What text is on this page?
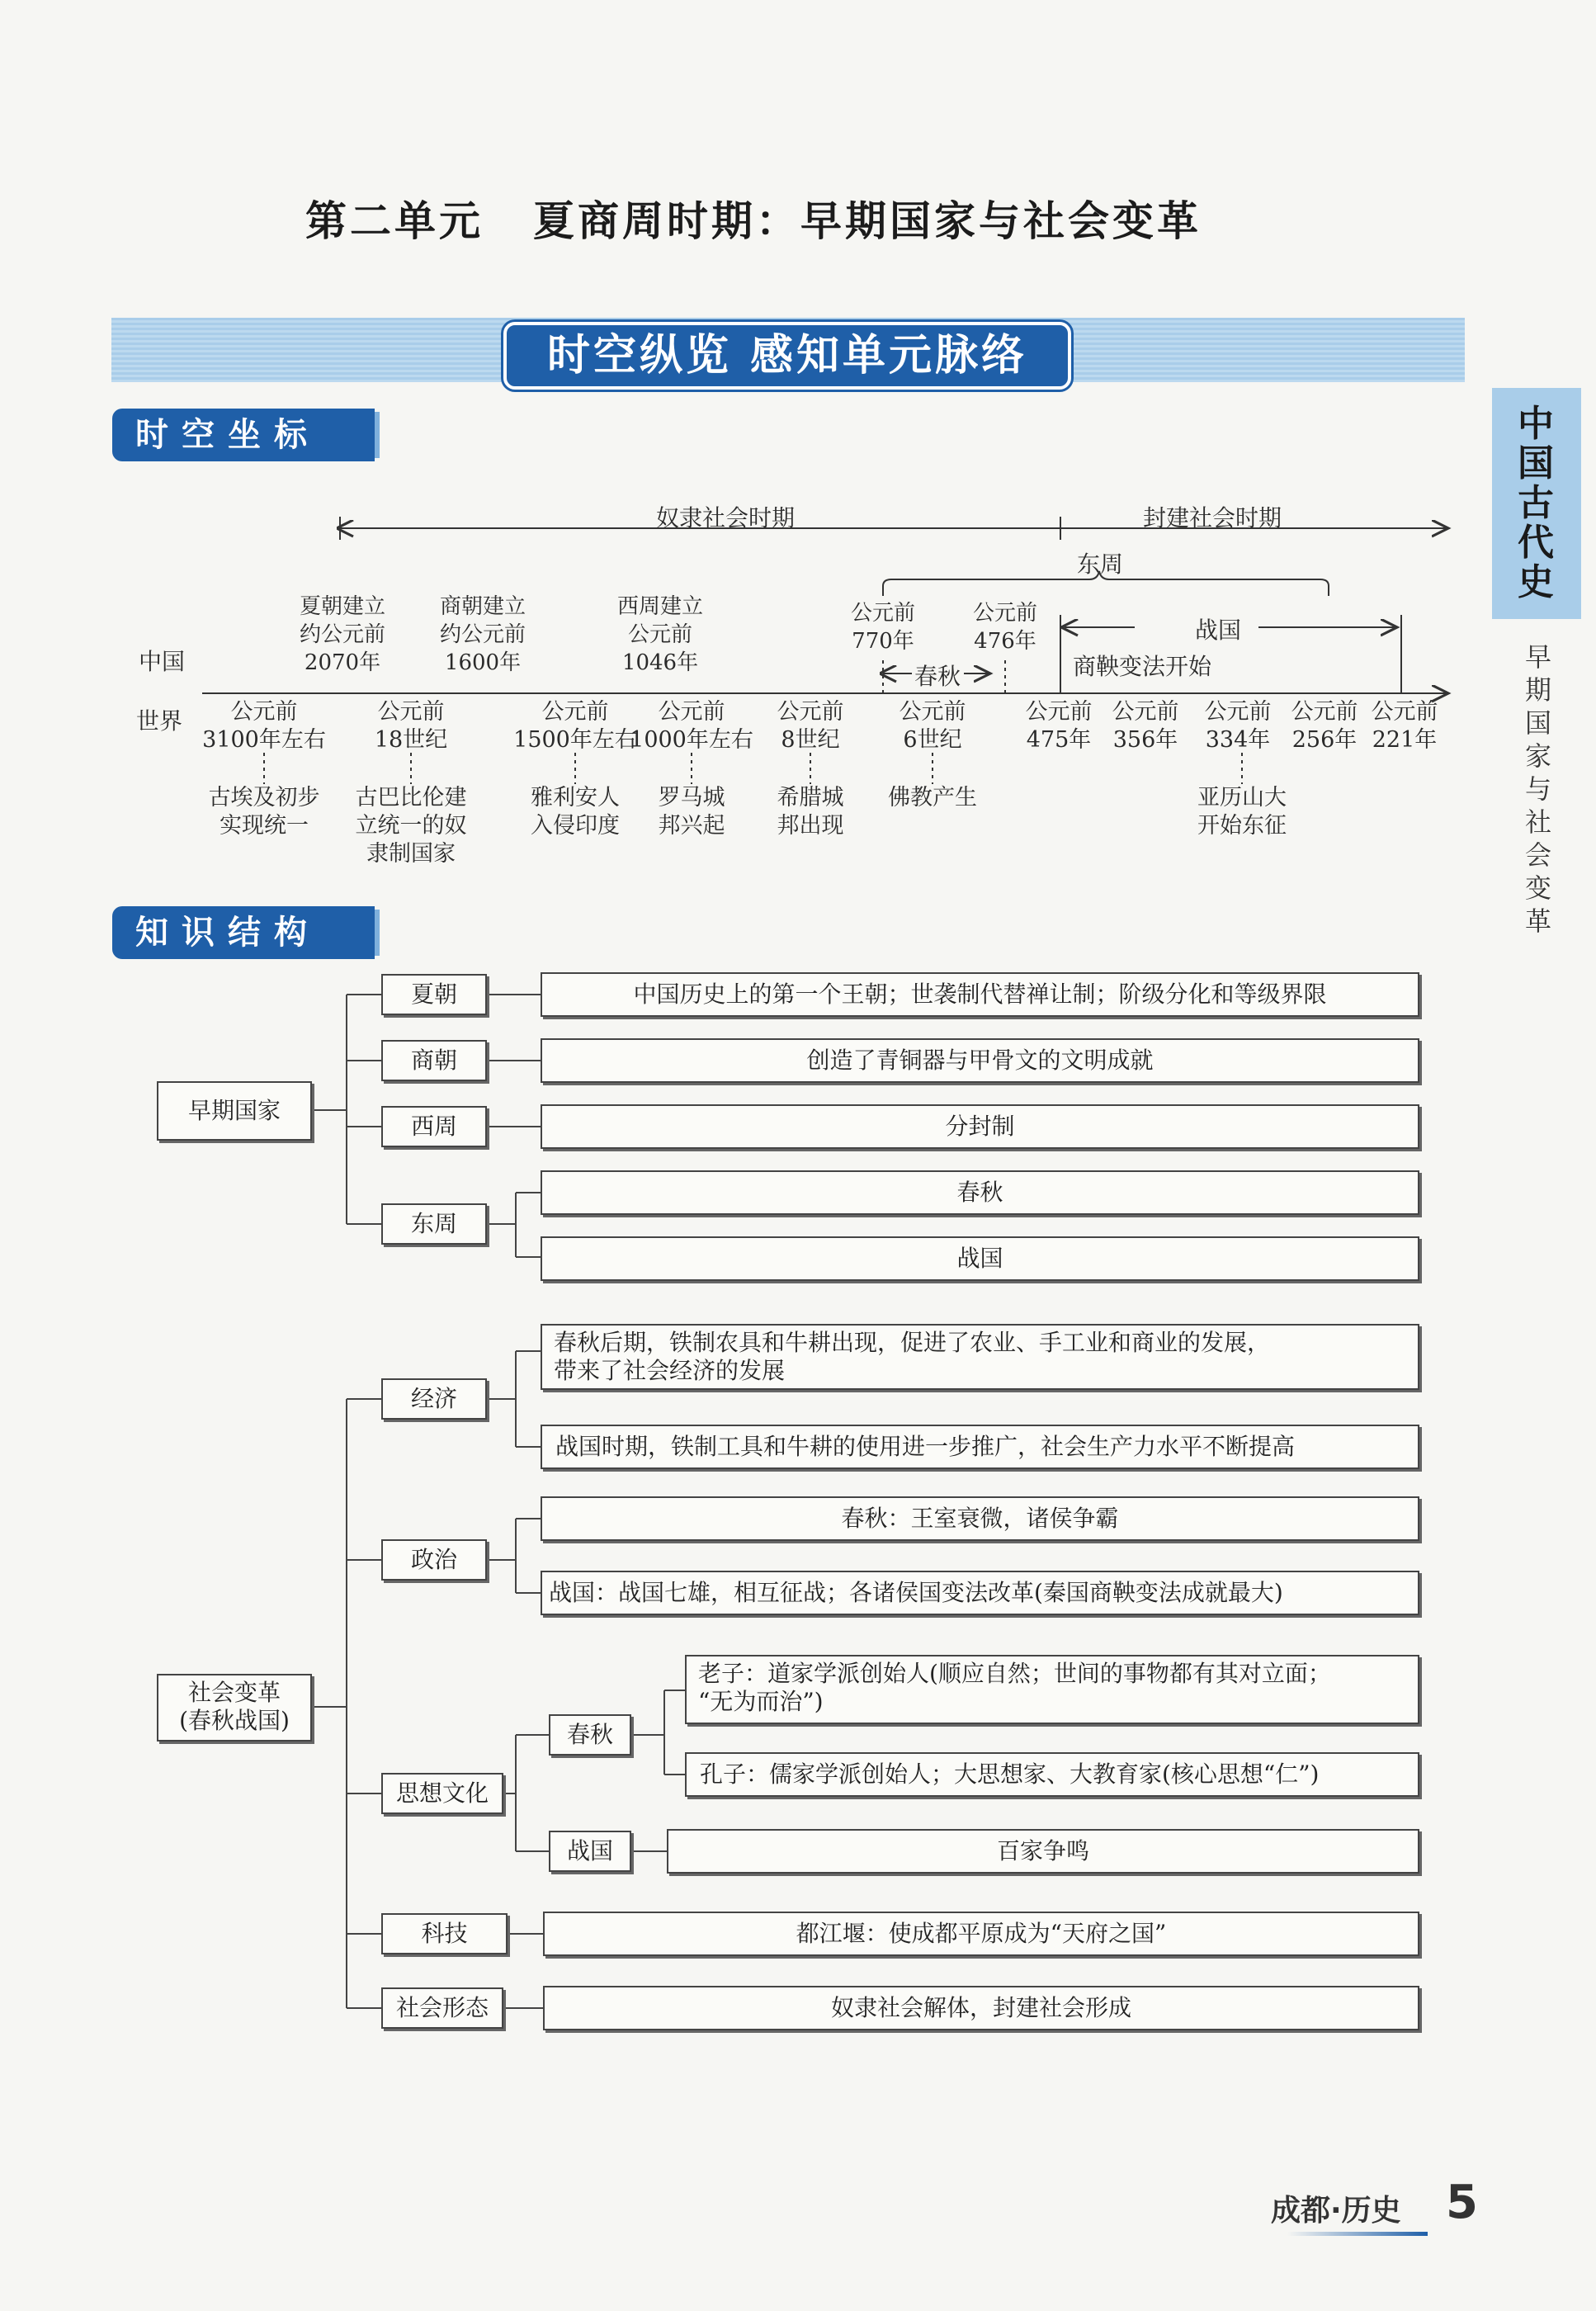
第二单元 夏商周时期：早期国家与社会变革
时空纵览 感知单元脉络
中国古代史
早期国家与社会变革
时空坐标
知识结构
奴隶社会时期	封建社会时期
东周
战国
春秋	商鞅变法开始
中国
世界
夏朝建立
约公元前
2070年
商朝建立
约公元前
1600年
西周建立
公元前
1046年
公元前
770年
公元前
476年
公元前
3100年左右
公元前
18世纪
公元前
1500年左右
公元前
1000年左右
公元前
8世纪
公元前
6世纪
公元前
475年
公元前
356年
公元前
334年
公元前
256年
公元前
221年
古埃及初步
实现统一
古巴比伦建
立统一的奴
隶制国家
雅利安人
入侵印度
罗马城
邦兴起
希腊城
邦出现
佛教产生	亚历山大
开始东征
早期国家
夏朝
商朝
西周
东周
中国历史上的第一个王朝；世袭制代替禅让制；阶级分化和等级界限
创造了青铜器与甲骨文的文明成就
分封制
春秋
战国
社会变革
(春秋战国)
经济
春秋后期，铁制农具和牛耕出现，促进了农业、手工业和商业的发展，
带来了社会经济的发展
战国时期，铁制工具和牛耕的使用进一步推广，社会生产力水平不断提高
政治
春秋：王室衰微，诸侯争霸
战国：战国七雄，相互征战；各诸侯国变法改革(秦国商鞅变法成就最大)
思想文化
春秋
战国
老子：道家学派创始人(顺应自然；世间的事物都有其对立面；
“无为而治”)
孔子：儒家学派创始人；大思想家、大教育家(核心思想“仁”)
百家争鸣
科技	都江堰：使成都平原成为“天府之国”
社会形态	奴隶社会解体，封建社会形成
成都·历史 5
